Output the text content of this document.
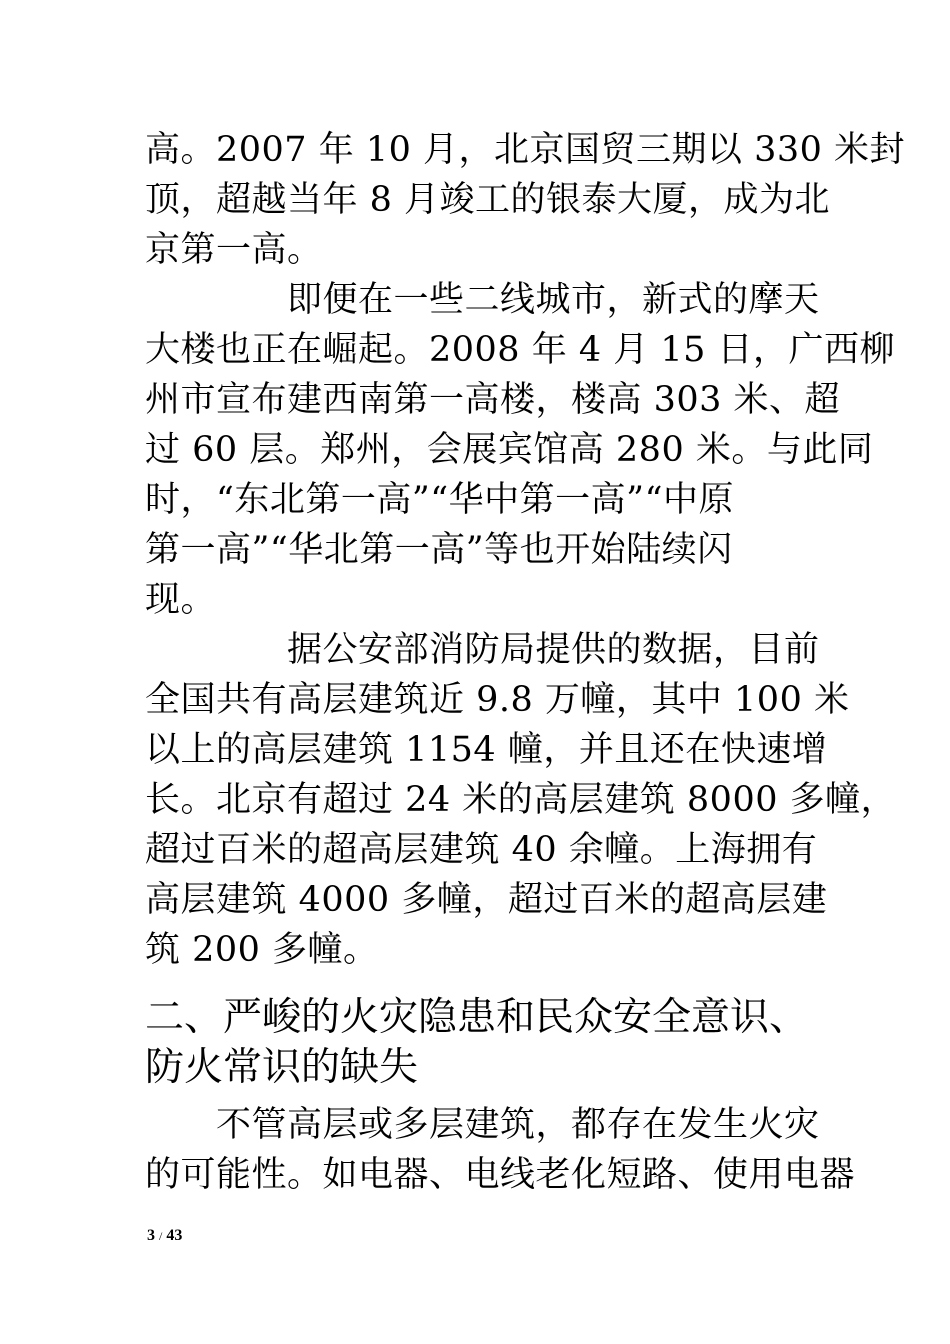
高。2007 年 10 月，北京国贸三期以 330 米封
顶，超越当年 8 月竣工的银泰大厦，成为北
京第一高。
　　　　即便在一些二线城市，新式的摩天
大楼也正在崛起。2008 年 4 月 15 日，广西柳
州市宣布建西南第一高楼，楼高 303 米、超
过 60 层。郑州，会展宾馆高 280 米。与此同
时，“东北第一高”“华中第一高”“中原
第一高”“华北第一高”等也开始陆续闪
现。
　　　　据公安部消防局提供的数据，目前
全国共有高层建筑近 9.8 万幢，其中 100 米
以上的高层建筑 1154 幢，并且还在快速增
长。北京有超过 24 米的高层建筑 8000 多幢，
超过百米的超高层建筑 40 余幢。上海拥有
高层建筑 4000 多幢，超过百米的超高层建
筑 200 多幢。
二、严峻的火灾隐患和民众安全意识、
防火常识的缺失
　　不管高层或多层建筑，都存在发生火灾
的可能性。如电器、电线老化短路、使用电器
3 / 43
